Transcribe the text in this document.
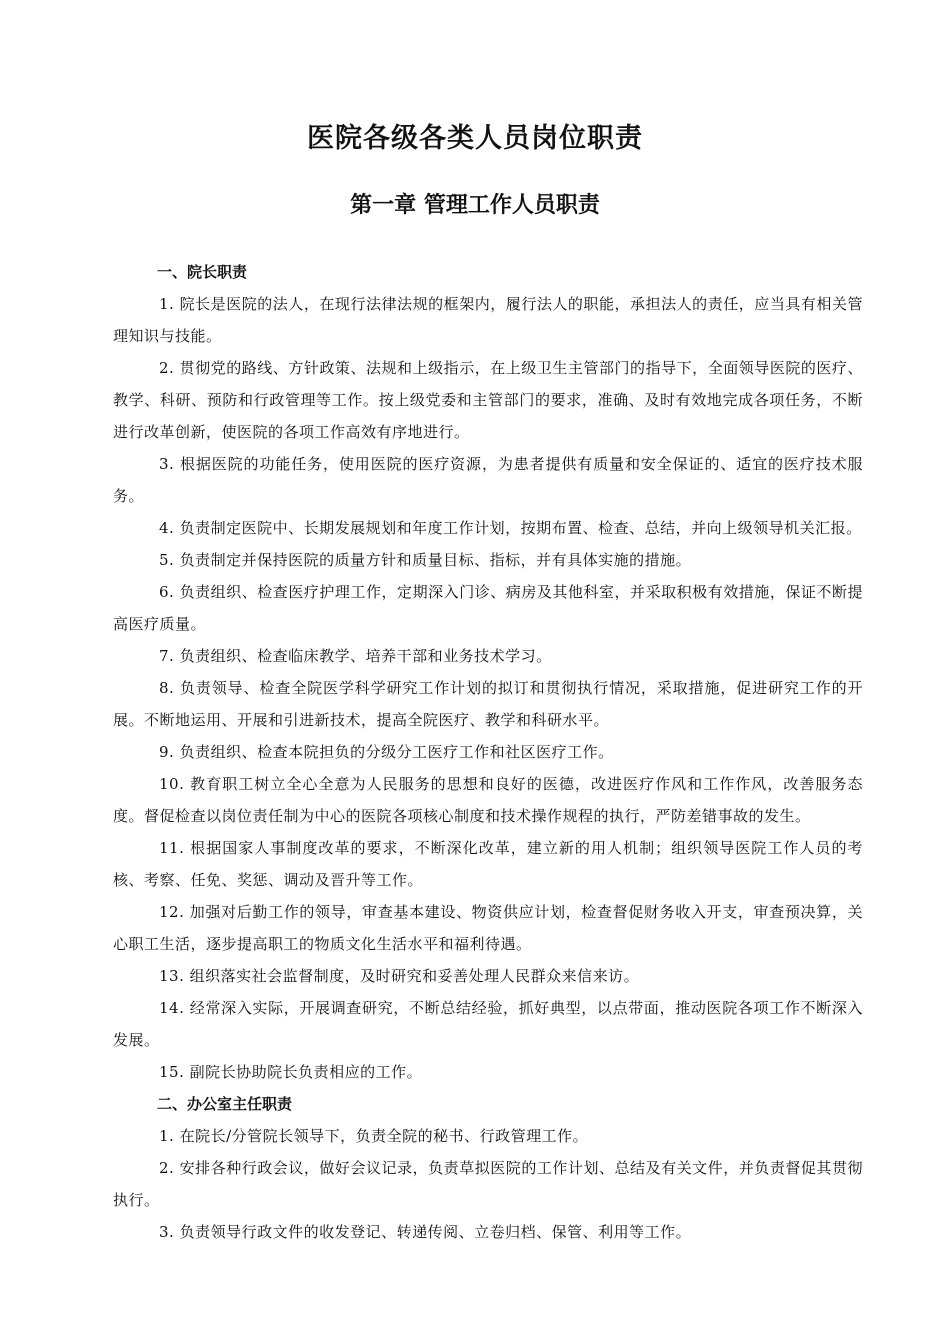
医院各级各类人员岗位职责
第一章 管理工作人员职责

一、院长职责

1. 院长是医院的法人，在现行法律法规的框架内，履行法人的职能，承担法人的责任，应当具有相关管理知识与技能。

2. 贯彻党的路线、方针政策、法规和上级指示，在上级卫生主管部门的指导下，全面领导医院的医疗、教学、科研、预防和行政管理等工作。按上级党委和主管部门的要求，准确、及时有效地完成各项任务，不断进行改革创新，使医院的各项工作高效有序地进行。

3. 根据医院的功能任务，使用医院的医疗资源，为患者提供有质量和安全保证的、适宜的医疗技术服务。

4. 负责制定医院中、长期发展规划和年度工作计划，按期布置、检查、总结，并向上级领导机关汇报。

5. 负责制定并保持医院的质量方针和质量目标、指标，并有具体实施的措施。

6. 负责组织、检查医疗护理工作，定期深入门诊、病房及其他科室，并采取积极有效措施，保证不断提高医疗质量。

7. 负责组织、检查临床教学、培养干部和业务技术学习。

8. 负责领导、检查全院医学科学研究工作计划的拟订和贯彻执行情况，采取措施，促进研究工作的开展。不断地运用、开展和引进新技术，提高全院医疗、教学和科研水平。

9. 负责组织、检查本院担负的分级分工医疗工作和社区医疗工作。

10. 教育职工树立全心全意为人民服务的思想和良好的医德，改进医疗作风和工作作风，改善服务态度。督促检查以岗位责任制为中心的医院各项核心制度和技术操作规程的执行，严防差错事故的发生。

11. 根据国家人事制度改革的要求，不断深化改革，建立新的用人机制；组织领导医院工作人员的考核、考察、任免、奖惩、调动及晋升等工作。

12. 加强对后勤工作的领导，审查基本建设、物资供应计划，检查督促财务收入开支，审查预决算，关心职工生活，逐步提高职工的物质文化生活水平和福利待遇。

13. 组织落实社会监督制度，及时研究和妥善处理人民群众来信来访。

14. 经常深入实际，开展调查研究，不断总结经验，抓好典型，以点带面，推动医院各项工作不断深入发展。

15. 副院长协助院长负责相应的工作。

二、办公室主任职责

1. 在院长/分管院长领导下，负责全院的秘书、行政管理工作。

2. 安排各种行政会议，做好会议记录，负责草拟医院的工作计划、总结及有关文件，并负责督促其贯彻执行。

3. 负责领导行政文件的收发登记、转递传阅、立卷归档、保管、利用等工作。
